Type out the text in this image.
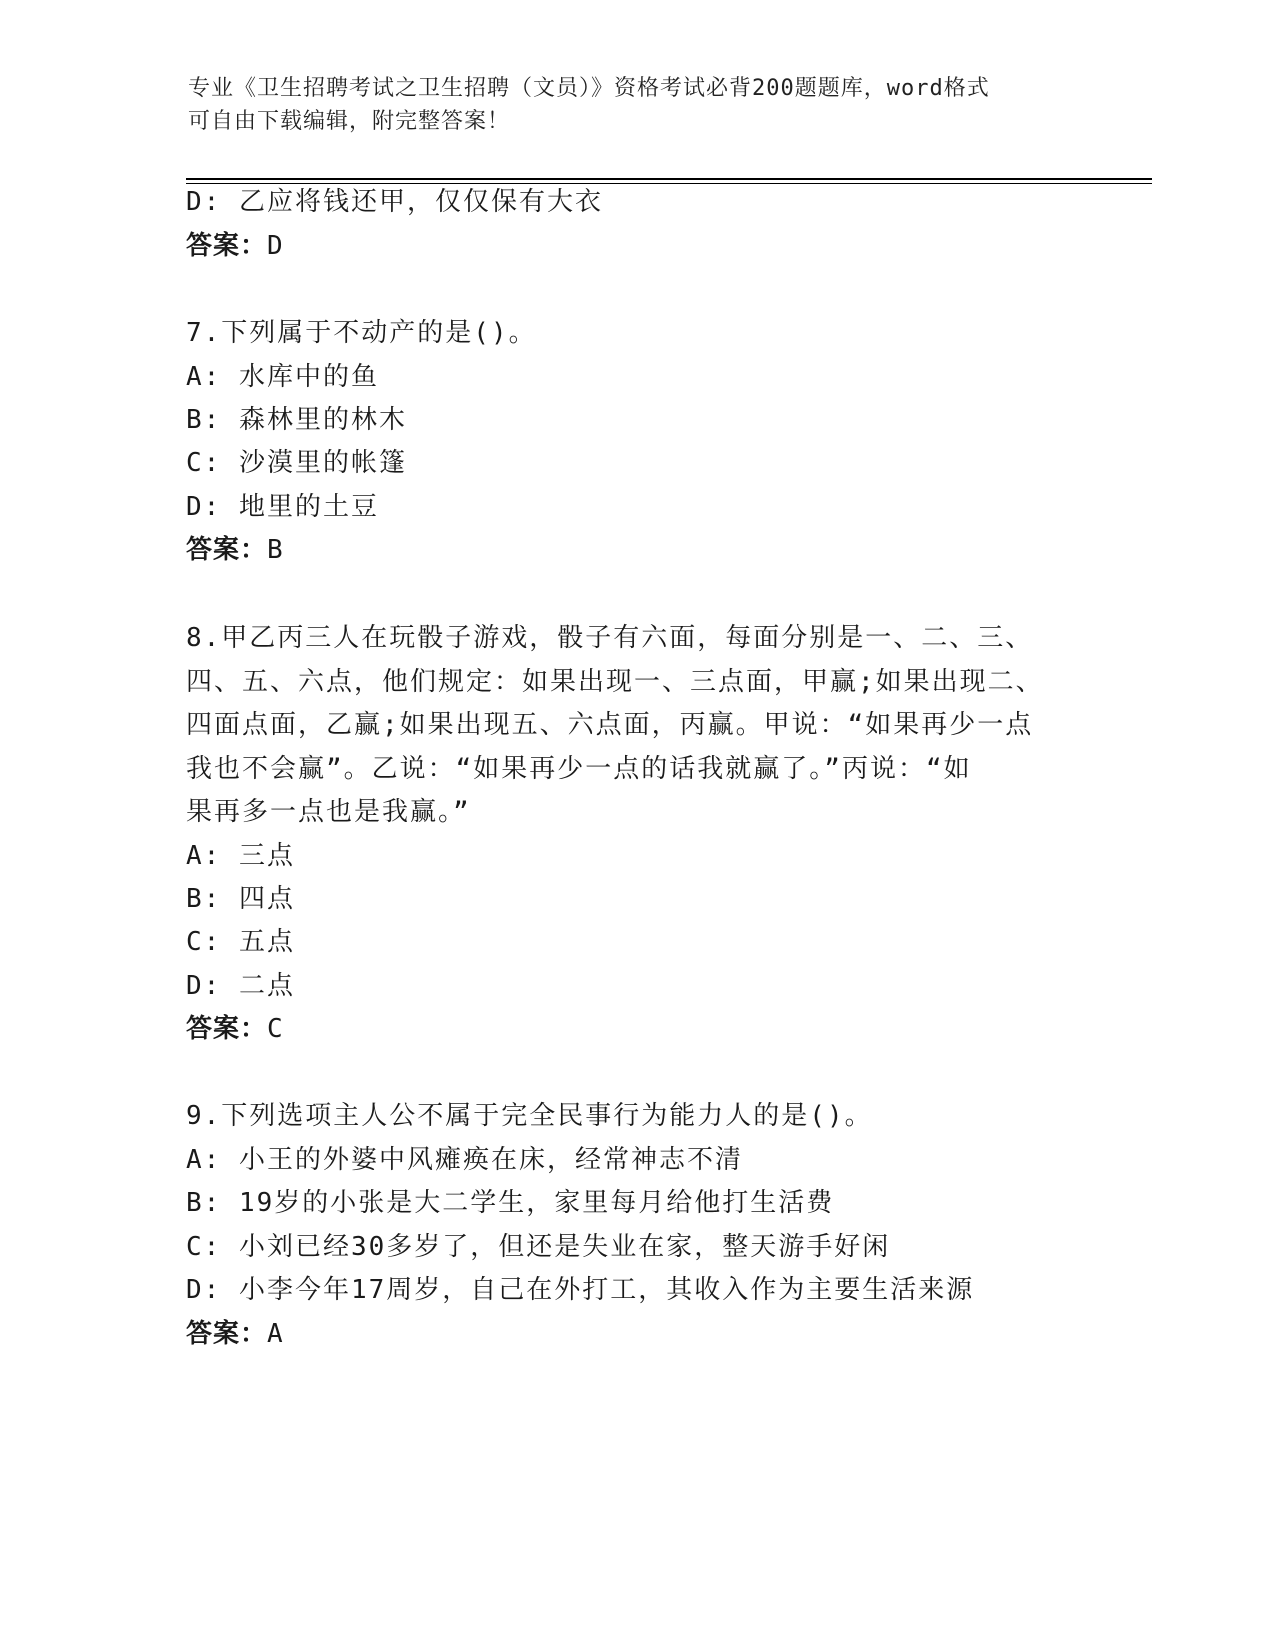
专业《卫生招聘考试之卫生招聘（文员）》资格考试必背200题题库，word格式
可自由下载编辑，附完整答案！
D: 乙应将钱还甲，仅仅保有大衣
答案：D
7.下列属于不动产的是()。
A: 水库中的鱼
B: 森林里的林木
C: 沙漠里的帐篷
D: 地里的土豆
答案：B
8.甲乙丙三人在玩骰子游戏，骰子有六面，每面分别是一、二、三、
四、五、六点，他们规定：如果出现一、三点面，甲赢;如果出现二、
四面点面，乙赢;如果出现五、六点面，丙赢。甲说：“如果再少一点
我也不会赢”。乙说：“如果再少一点的话我就赢了。”丙说：“如
果再多一点也是我赢。”
A: 三点
B: 四点
C: 五点
D: 二点
答案：C
9.下列选项主人公不属于完全民事行为能力人的是()。
A: 小王的外婆中风瘫痪在床，经常神志不清
B: 19岁的小张是大二学生，家里每月给他打生活费
C: 小刘已经30多岁了，但还是失业在家，整天游手好闲
D: 小李今年17周岁，自己在外打工，其收入作为主要生活来源
答案：A
